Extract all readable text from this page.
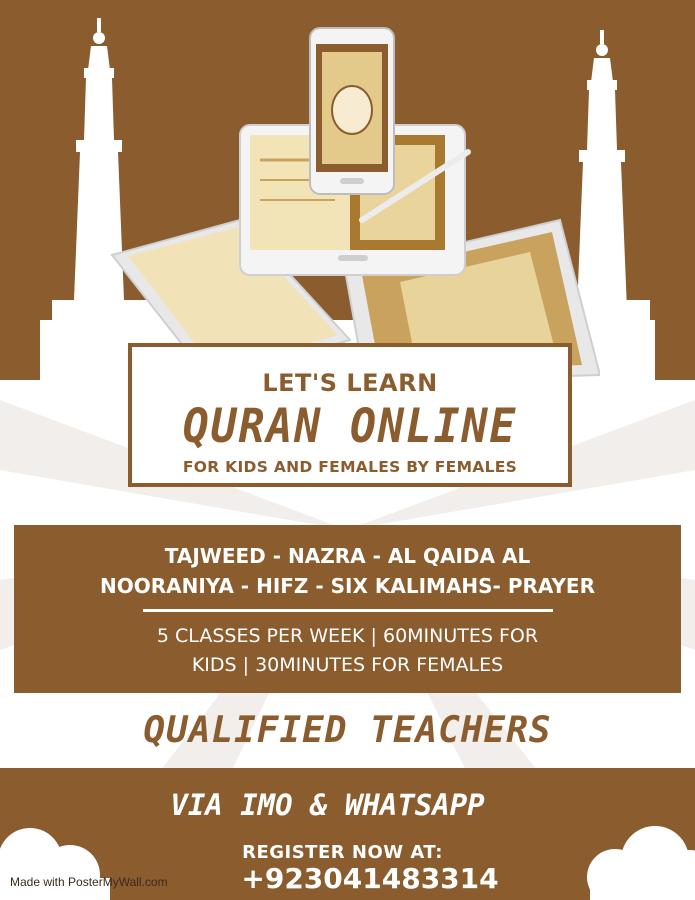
LET'S LEARN
QURAN ONLINE
FOR KIDS AND FEMALES BY FEMALES
TAJWEED - NAZRA - AL QAIDA AL
NOORANIYA - HIFZ - SIX KALIMAHS- PRAYER
5 CLASSES PER WEEK | 60MINUTES FOR
KIDS | 30MINUTES FOR FEMALES
QUALIFIED TEACHERS
VIA IMO & WHATSAPP
REGISTER NOW AT:
+923041483314
Made with PosterMyWall.com
